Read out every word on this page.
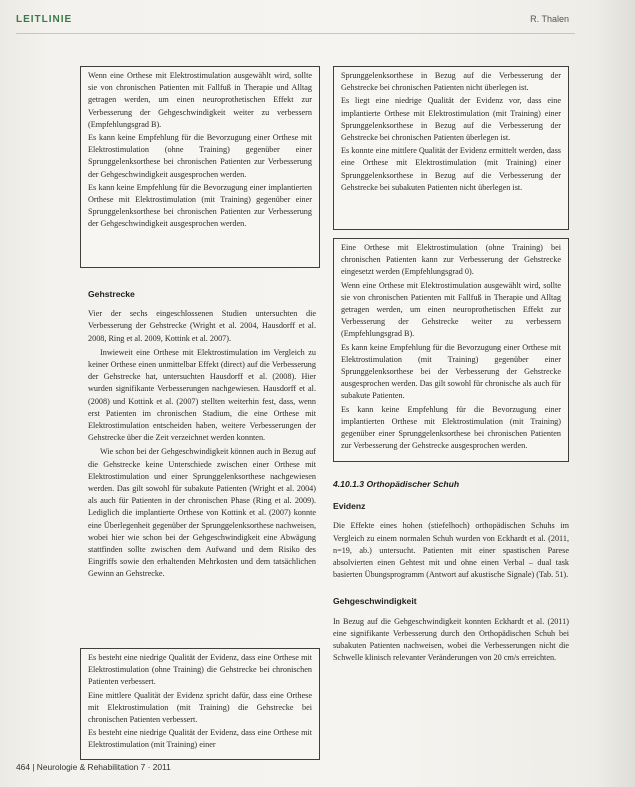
LEITLINIE	R. Thalen

Wenn eine Orthese mit Elektrostimulation ausgewählt wird, sollte sie von chronischen Patienten mit Fallfuß in Therapie und Alltag getragen werden, um einen neuroprothetischen Effekt zur Verbesserung der Gehgeschwindigkeit weiter zu verbessern (Empfehlungsgrad B).

Es kann keine Empfehlung für die Bevorzugung einer Orthese mit Elektrostimulation (ohne Training) gegenüber einer Sprunggelenksorthese bei chronischen Patienten zur Verbesserung der Gehgeschwindigkeit ausgesprochen werden.

Es kann keine Empfehlung für die Bevorzugung einer implantierten Orthese mit Elektrostimulation (mit Training) gegenüber einer Sprunggelenksorthese bei chronischen Patienten zur Verbesserung der Gehgeschwindigkeit ausgesprochen werden.

Gehstrecke

Vier der sechs eingeschlossenen Studien untersuchten die Verbesserung der Gehstrecke (Wright et al. 2004, Hausdorff et al. 2008, Ring et al. 2009, Kottink et al. 2007).

Inwieweit eine Orthese mit Elektrostimulation im Vergleich zu keiner Orthese einen unmittelbar Effekt (direct) auf die Verbesserung der Gehstrecke hat, untersuchten Hausdorff et al. (2008). Hier wurden signifikante Verbesserungen nachgewiesen. Hausdorff et al. (2008) und Kottink et al. (2007) stellten weiterhin fest, dass, wenn erst Patienten im chronischen Stadium, die eine Orthese mit Elektrostimulation entscheiden haben, weitere Verbesserungen der Gehstrecke über die Zeit verzeichnet werden konnten.

Wie schon bei der Gehgeschwindigkeit können auch in Bezug auf die Gehstrecke keine Unterschiede zwischen einer Orthese mit Elektrostimulation und einer Sprunggelenksorthese nachgewiesen werden. Das gilt sowohl für subakute Patienten (Wright et al. 2004) als auch für Patienten in der chronischen Phase (Ring et al. 2009). Lediglich die implantierte Orthese von Kottink et al. (2007) konnte eine Überlegenheit gegenüber der Sprunggelenksorthese nachweisen, wobei hier wie schon bei der Gehgeschwindigkeit eine Abwägung stattfinden sollte zwischen dem Aufwand und dem Risiko des Eingriffs sowie den erhaltenden Mehrkosten und dem tatsächlichen Gewinn an Gehstrecke.

Es besteht eine niedrige Qualität der Evidenz, dass eine Orthese mit Elektrostimulation (ohne Training) die Gehstrecke bei chronischen Patienten verbessert.

Eine mittlere Qualität der Evidenz spricht dafür, dass eine Orthese mit Elektrostimulation (mit Training) die Gehstrecke bei chronischen Patienten verbessert.

Es besteht eine niedrige Qualität der Evidenz, dass eine Orthese mit Elektrostimulation (mit Training) einer

Sprunggelenksorthese in Bezug auf die Verbesserung der Gehstrecke bei chronischen Patienten nicht überlegen ist.

Es liegt eine niedrige Qualität der Evidenz vor, dass eine implantierte Orthese mit Elektrostimulation (mit Training) einer Sprunggelenksorthese in Bezug auf die Verbesserung der Gehstrecke bei chronischen Patienten überlegen ist.

Es konnte eine mittlere Qualität der Evidenz ermittelt werden, dass eine Orthese mit Elektrostimulation (mit Training) einer Sprunggelenksorthese in Bezug auf die Verbesserung der Gehstrecke bei subakuten Patienten nicht überlegen ist.

Eine Orthese mit Elektrostimulation (ohne Training) bei chronischen Patienten kann zur Verbesserung der Gehstrecke eingesetzt werden (Empfehlungsgrad 0).

Wenn eine Orthese mit Elektrostimulation ausgewählt wird, sollte sie von chronischen Patienten mit Fallfuß in Therapie und Alltag getragen werden, um einen neuroprothetischen Effekt zur Verbesserung der Gehstrecke weiter zu verbessern (Empfehlungsgrad B).

Es kann keine Empfehlung für die Bevorzugung einer Orthese mit Elektrostimulation (mit Training) gegenüber einer Sprunggelenksorthese bei der Verbesserung der Gehstrecke ausgesprochen werden. Das gilt sowohl für chronische als auch für subakute Patienten.

Es kann keine Empfehlung für die Bevorzugung einer implantierten Orthese mit Elektrostimulation (mit Training) gegenüber einer Sprunggelenksorthese bei chronischen Patienten zur Verbesserung der Gehstrecke ausgesprochen werden.

4.10.1.3 Orthopädischer Schuh

Evidenz

Die Effekte eines hohen (stiefelhoch) orthopädischen Schuhs im Vergleich zu einem normalen Schuh wurden von Eckhardt et al. (2011, n=19, ab.) untersucht. Patienten mit einer spastischen Parese absolvierten einen Gehtest mit und ohne einen Verbal – dual task basierten Übungsprogramm (Antwort auf akustische Signale) (Tab. 51).

Gehgeschwindigkeit

In Bezug auf die Gehgeschwindigkeit konnten Eckhardt et al. (2011) eine signifikante Verbesserung durch den Orthopädischen Schuh bei subakuten Patienten nachweisen, wobei die Verbesserungen nicht die Schwelle klinisch relevanter Veränderungen von 20 cm/s erreichten.

464 | Neurologie & Rehabilitation 7 · 2011
